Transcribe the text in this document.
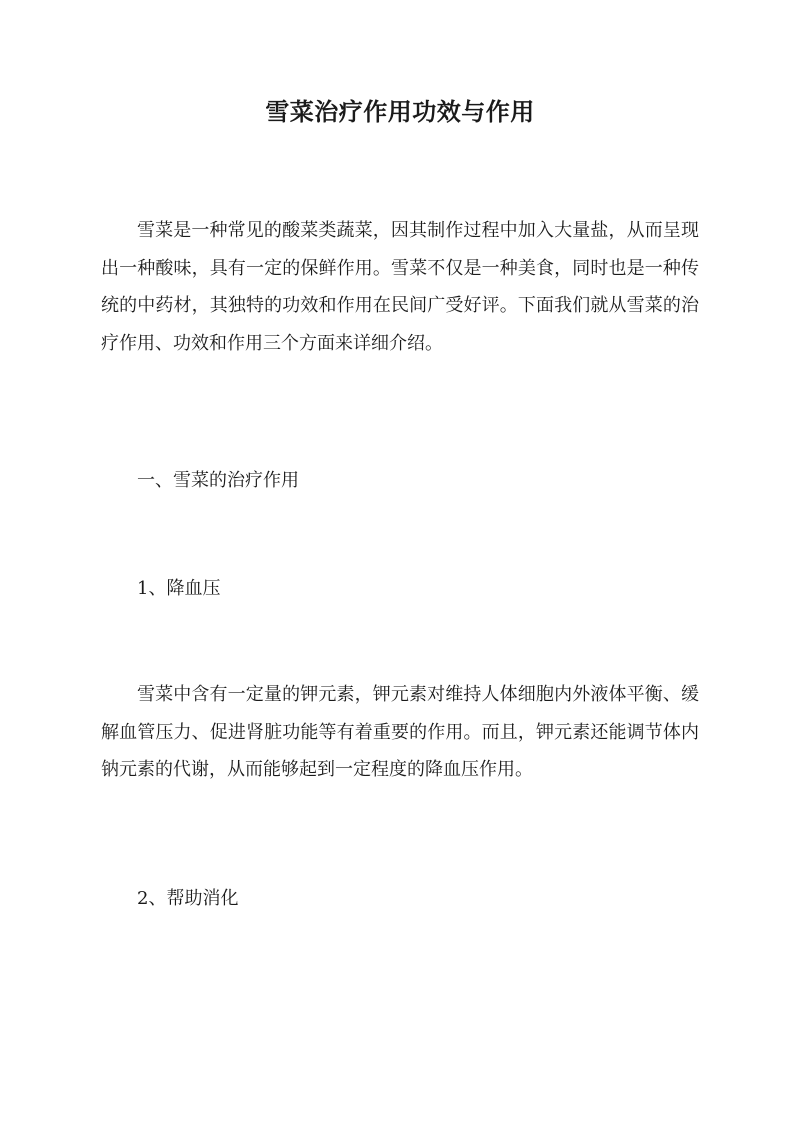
雪菜治疗作用功效与作用

雪菜是一种常见的酸菜类蔬菜，因其制作过程中加入大量盐，从而呈现出一种酸味，具有一定的保鲜作用。雪菜不仅是一种美食，同时也是一种传统的中药材，其独特的功效和作用在民间广受好评。下面我们就从雪菜的治疗作用、功效和作用三个方面来详细介绍。

一、雪菜的治疗作用

1、降血压

雪菜中含有一定量的钾元素，钾元素对维持人体细胞内外液体平衡、缓解血管压力、促进肾脏功能等有着重要的作用。而且，钾元素还能调节体内钠元素的代谢，从而能够起到一定程度的降血压作用。

2、帮助消化
